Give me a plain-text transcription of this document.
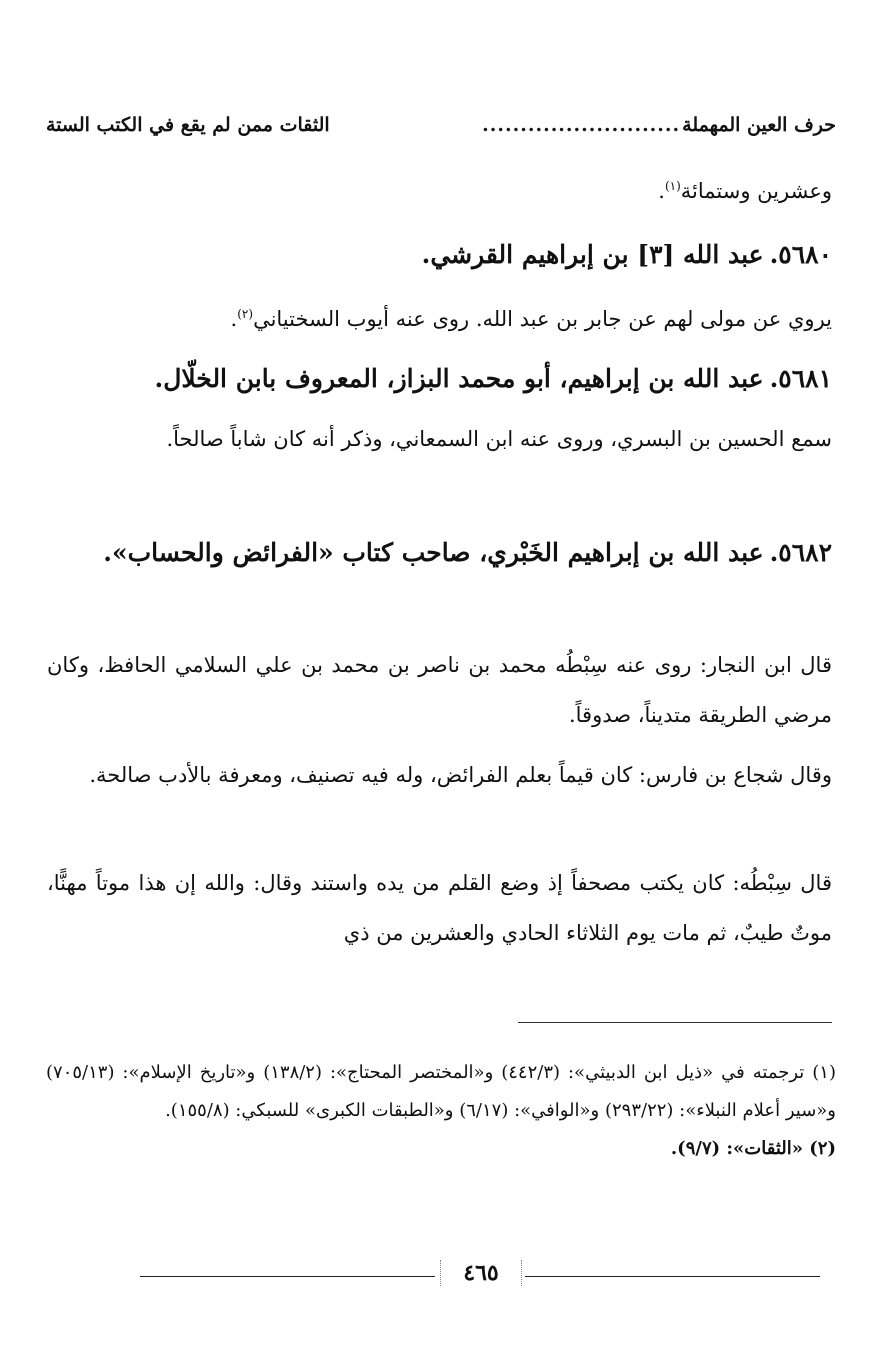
حرف العين المهملة
..........................
الثقات ممن لم يقع في الكتب الستة
وعشرين وستمائة$^{(١)}$.
٥٦٨٠.عبد الله [٣] بن إبراهيم القرشي.
يروي عن مولى لهم عن جابر بن عبد الله. روى عنه أيوب السختياني$^{(٢)}$.
٥٦٨١.عبد الله بن إبراهيم، أبو محمد البزاز، المعروف بابن الخلّال.
سمع الحسين بن البسري، وروى عنه ابن السمعاني، وذكر أنه كان شاباً صالحاً.
٥٦٨٢.عبد الله بن إبراهيم الخَبْري، صاحب كتاب «الفرائض والحساب».
قال ابن النجار: روى عنه سِبْطُه محمد بن ناصر بن محمد بن علي السلامي الحافظ، وكان مرضي الطريقة متديناً، صدوقاً.
وقال شجاع بن فارس: كان قيماً بعلم الفرائض، وله فيه تصنيف، ومعرفة بالأدب صالحة.
قال سِبْطُه: كان يكتب مصحفاً إذ وضع القلم من يده واستند وقال: والله إن هذا موتاً مهنًّا، موتٌ طيبٌ، ثم مات يوم الثلاثاء الحادي والعشرين من ذي

(١) ترجمته في «ذيل ابن الدبيثي»: (٤٤٢/٣) و«المختصر المحتاج»: (١٣٨/٢) و«تاريخ الإسلام»: (٧٠٥/١٣) و«سير أعلام النبلاء»: (٢٩٣/٢٢) و«الوافي»: (٦/١٧) و«الطبقات الكبرى» للسبكي: (١٥٥/٨).

(٢) «الثقات»: (٩/٧).

٤٦٥
